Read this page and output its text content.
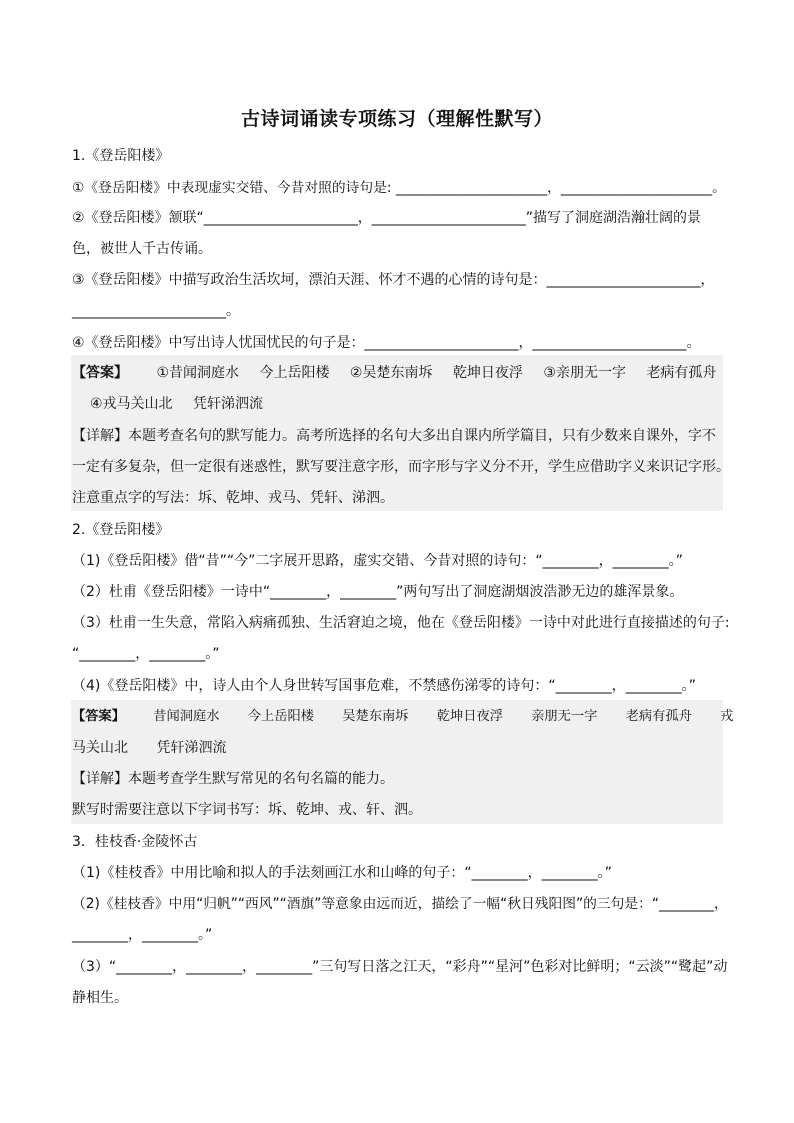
古诗词诵读专项练习（理解性默写）
1.《登岳阳楼》
①《登岳阳楼》中表现虚实交错、今昔对照的诗句是: ______________________，______________________。
②《登岳阳楼》颔联“______________________，______________________”描写了洞庭湖浩瀚壮阔的景
色，被世人千古传诵。
③《登岳阳楼》中描写政治生活坎坷，漂泊天涯、怀才不遇的心情的诗句是：______________________，
______________________。
④《登岳阳楼》中写出诗人忧国忧民的句子是：______________________，______________________。
【答案】 ①昔闻洞庭水 今上岳阳楼 ②吴楚东南坼 乾坤日夜浮 ③亲朋无一字 老病有孤舟
④戎马关山北 凭轩涕泗流
【详解】本题考查名句的默写能力。高考所选择的名句大多出自课内所学篇目，只有少数来自课外，字不
一定有多复杂，但一定很有迷惑性，默写要注意字形，而字形与字义分不开，学生应借助字义来识记字形。
注意重点字的写法：坼、乾坤、戎马、凭轩、涕泗。
2.《登岳阳楼》
（1)《登岳阳楼》借“昔”“今”二字展开思路，虚实交错、今昔对照的诗句：“________，________。”
（2）杜甫《登岳阳楼》一诗中“________，________”两句写出了洞庭湖烟波浩渺无边的雄浑景象。
（3）杜甫一生失意，常陷入病痛孤独、生活窘迫之境，他在《登岳阳楼》一诗中对此进行直接描述的句子:
“________，________。”
（4)《登岳阳楼》中，诗人由个人身世转写国事危难，不禁感伤涕零的诗句：“________，________。”
【答案】 昔闻洞庭水 今上岳阳楼 吴楚东南坼 乾坤日夜浮 亲朋无一字 老病有孤舟 戎
马关山北 凭轩涕泗流
【详解】本题考查学生默写常见的名句名篇的能力。
默写时需要注意以下字词书写：坼、乾坤、戎、轩、泗。
3．桂枝香·金陵怀古
（1)《桂枝香》中用比喻和拟人的手法刻画江水和山峰的句子：“________，________。”
（2)《桂枝香》中用“归帆”“西风”“酒旗”等意象由远而近，描绘了一幅“秋日残阳图”的三句是：“________，
________，________。”
（3）“________，________，________”三句写日落之江天，“彩舟”“星河”色彩对比鲜明；“云淡”“鹭起”动
静相生。
